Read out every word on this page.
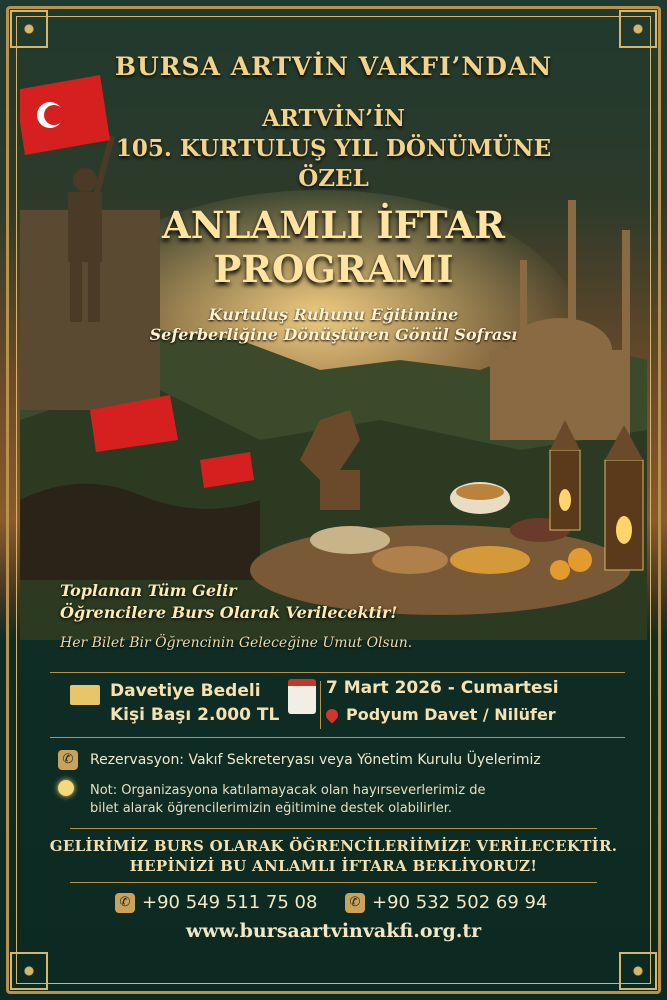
BURSA ARTVİN VAKFI’NDAN
ARTVİN’İN
105. KURTULUŞ YIL DÖNÜMÜNE
ÖZEL
ANLAMLI İFTAR
PROGRAMI
Kurtuluş Ruhunu Eğitimine
Seferberliğine Dönüştüren Gönül Sofrası
Toplanan Tüm Gelir
Öğrencilere Burs Olarak Verilecektir!
Her Bilet Bir Öğrencinin Geleceğine Umut Olsun.
Davetiye Bedeli
Kişi Başı 2.000 TL
7 Mart 2026 - Cumartesi
Podyum Davet / Nilüfer
✆	Rezervasyon: Vakıf Sekreteryası veya Yönetim Kurulu Üyelerimiz
Not: Organizasyona katılamayacak olan hayırseverlerimiz de
bilet alarak öğrencilerimizin eğitimine destek olabilirler.
GELİRİMİZ BURS OLARAK ÖĞRENCİLERİİMİZE VERİLECEKTİR.
HEPİNİZİ BU ANLAMLI İFTARA BEKLİYORUZ!
✆ +90 549 511 75 08	✆ +90 532 502 69 94
www.bursaartvinvakfi.org.tr
